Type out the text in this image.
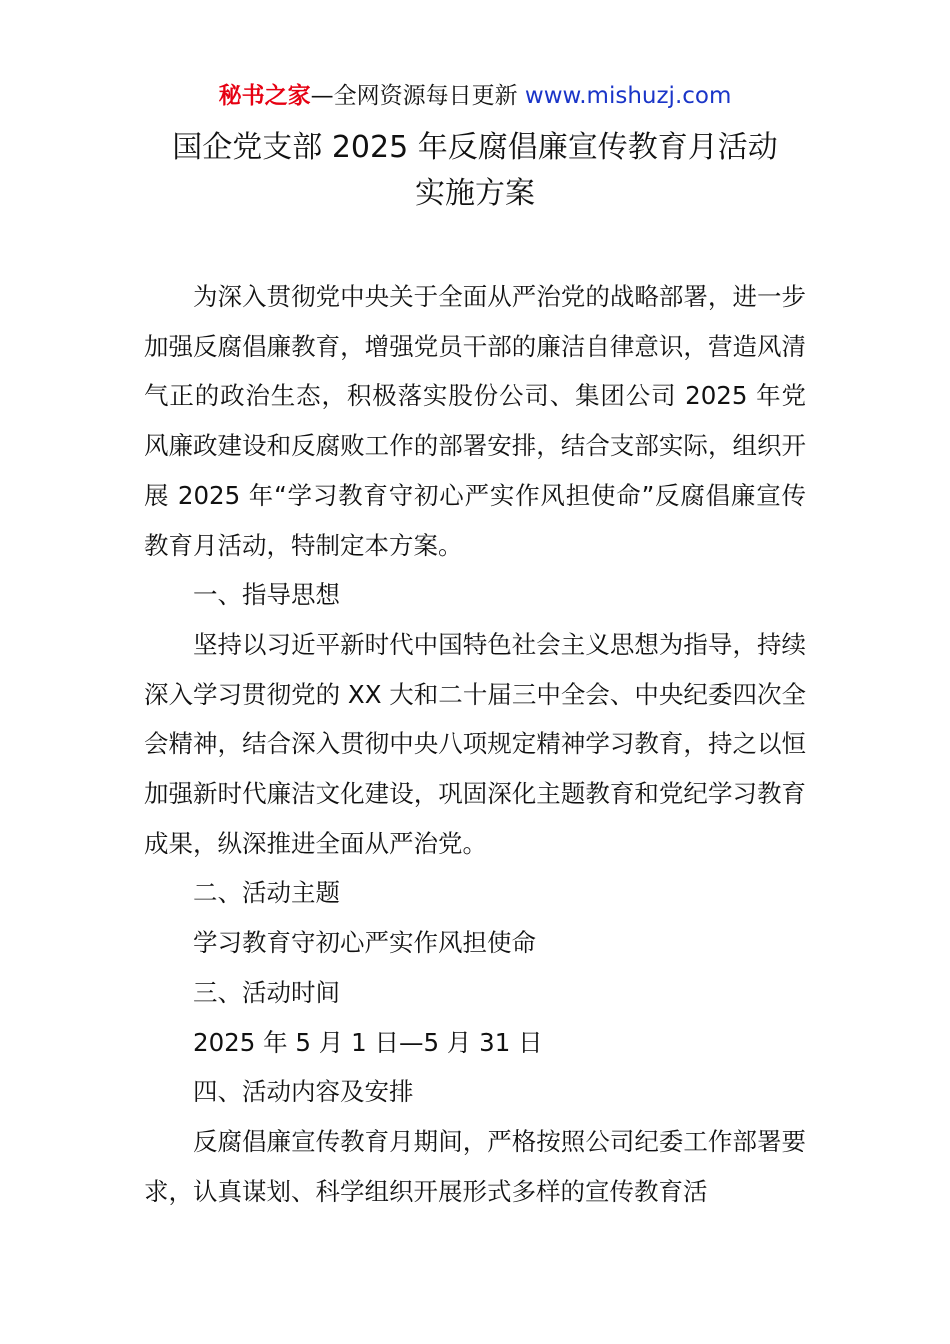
秘书之家—全网资源每日更新 www.mishuzj.com
国企党支部 2025 年反腐倡廉宣传教育月活动
实施方案

为深入贯彻党中央关于全面从严治党的战略部署，进一步加强反腐倡廉教育，增强党员干部的廉洁自律意识，营造风清气正的政治生态，积极落实股份公司、集团公司 2025 年党风廉政建设和反腐败工作的部署安排，结合支部实际，组织开展 2025 年“学习教育守初心严实作风担使命”反腐倡廉宣传教育月活动，特制定本方案。

一、指导思想

坚持以习近平新时代中国特色社会主义思想为指导，持续深入学习贯彻党的 XX 大和二十届三中全会、中央纪委四次全会精神，结合深入贯彻中央八项规定精神学习教育，持之以恒加强新时代廉洁文化建设，巩固深化主题教育和党纪学习教育成果，纵深推进全面从严治党。

二、活动主题

学习教育守初心严实作风担使命

三、活动时间

2025 年 5 月 1 日—5 月 31 日

四、活动内容及安排

反腐倡廉宣传教育月期间，严格按照公司纪委工作部署要求，认真谋划、科学组织开展形式多样的宣传教育活
